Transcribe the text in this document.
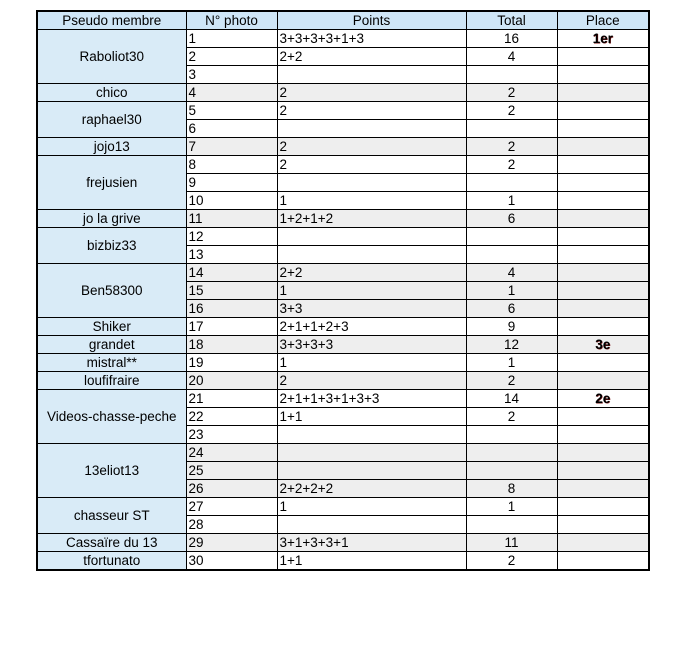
Pseudo membre	N° photo	Points	Total	Place
Raboliot30	1	3+3+3+3+1+3	16	1er
	2	2+2	4	
	3			
chico	4	2	2	
raphael30	5	2	2	
	6			
jojo13	7	2	2	
frejusien	8	2	2	
	9			
	10	1	1	
jo la grive	11	1+2+1+2	6	
bizbiz33	12			
	13			
Ben58300	14	2+2	4	
	15	1	1	
	16	3+3	6	
Shiker	17	2+1+1+2+3	9	
grandet	18	3+3+3+3	12	3e
mistral**	19	1	1	
loufifraire	20	2	2	
Videos-chasse-peche	21	2+1+1+3+1+3+3	14	2e
	22	1+1	2	
	23			
13eliot13	24			
	25			
	26	2+2+2+2	8	
chasseur ST	27	1	1	
	28			
Cassaïre du 13	29	3+1+3+3+1	11	
tfortunato	30	1+1	2	
